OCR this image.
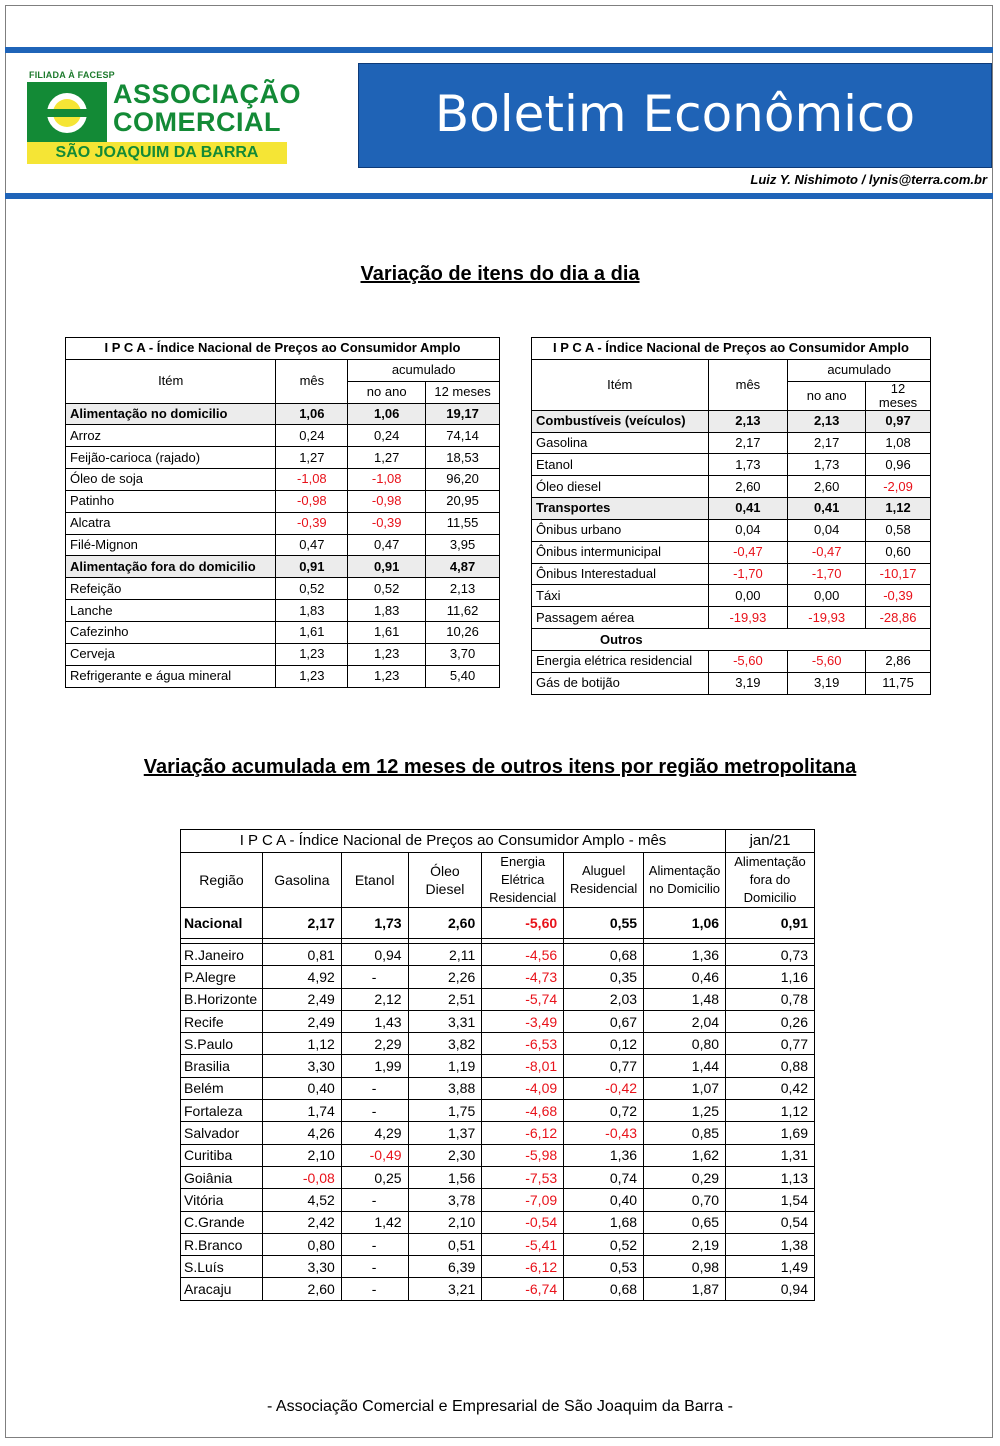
FILIADA À FACESP
ASSOCIAÇÃO
COMERCIAL
SÃO JOAQUIM DA BARRA
Boletim Econômico
Luiz Y. Nishimoto / lynis@terra.com.br
Variação de itens do dia a dia
I P C A - Índice Nacional de Preços ao Consumidor Amplo			
Itém	mês	acumulado	
		no ano	12 meses
Alimentação no domicilio	1,06	1,06	19,17
Arroz	0,24	0,24	74,14
Feijão-carioca (rajado)	1,27	1,27	18,53
Óleo de soja	-1,08	-1,08	96,20
Patinho	-0,98	-0,98	20,95
Alcatra	-0,39	-0,39	11,55
Filé-Mignon	0,47	0,47	3,95
Alimentação fora do domicilio	0,91	0,91	4,87
Refeição	0,52	0,52	2,13
Lanche	1,83	1,83	11,62
Cafezinho	1,61	1,61	10,26
Cerveja	1,23	1,23	3,70
Refrigerante e água mineral	1,23	1,23	5,40
I P C A - Índice Nacional de Preços ao Consumidor Amplo			
Itém	mês	acumulado	
		no ano	12 meses
Combustíveis (veículos)	2,13	2,13	0,97
Gasolina	2,17	2,17	1,08
Etanol	1,73	1,73	0,96
Óleo diesel	2,60	2,60	-2,09
Transportes	0,41	0,41	1,12
Ônibus urbano	0,04	0,04	0,58
Ônibus intermunicipal	-0,47	-0,47	0,60
Ônibus Interestadual	-1,70	-1,70	-10,17
Táxi	0,00	0,00	-0,39
Passagem aérea	-19,93	-19,93	-28,86
Outros			
Energia elétrica residencial	-5,60	-5,60	2,86
Gás de botijão	3,19	3,19	11,75
Variação acumulada em 12 meses de outros itens por região metropolitana
I P C A - Índice Nacional de Preços ao Consumidor Amplo - mês							jan/21
Região	Gasolina	Etanol	Óleo Diesel	Energia Elétrica Residencial	Aluguel Residencial	Alimentação no Domicilio	Alimentação fora do Domicilio
Nacional	2,17	1,73	2,60	-5,60	0,55	1,06	0,91

R.Janeiro	0,81	0,94	2,11	-4,56	0,68	1,36	0,73
P.Alegre	4,92	-	2,26	-4,73	0,35	0,46	1,16
B.Horizonte	2,49	2,12	2,51	-5,74	2,03	1,48	0,78
Recife	2,49	1,43	3,31	-3,49	0,67	2,04	0,26
S.Paulo	1,12	2,29	3,82	-6,53	0,12	0,80	0,77
Brasilia	3,30	1,99	1,19	-8,01	0,77	1,44	0,88
Belém	0,40	-	3,88	-4,09	-0,42	1,07	0,42
Fortaleza	1,74	-	1,75	-4,68	0,72	1,25	1,12
Salvador	4,26	4,29	1,37	-6,12	-0,43	0,85	1,69
Curitiba	2,10	-0,49	2,30	-5,98	1,36	1,62	1,31
Goiânia	-0,08	0,25	1,56	-7,53	0,74	0,29	1,13
Vitória	4,52	-	3,78	-7,09	0,40	0,70	1,54
C.Grande	2,42	1,42	2,10	-0,54	1,68	0,65	0,54
R.Branco	0,80	-	0,51	-5,41	0,52	2,19	1,38
S.Luís	3,30	-	6,39	-6,12	0,53	0,98	1,49
Aracaju	2,60	-	3,21	-6,74	0,68	1,87	0,94
- Associação Comercial e Empresarial de São Joaquim da Barra -
